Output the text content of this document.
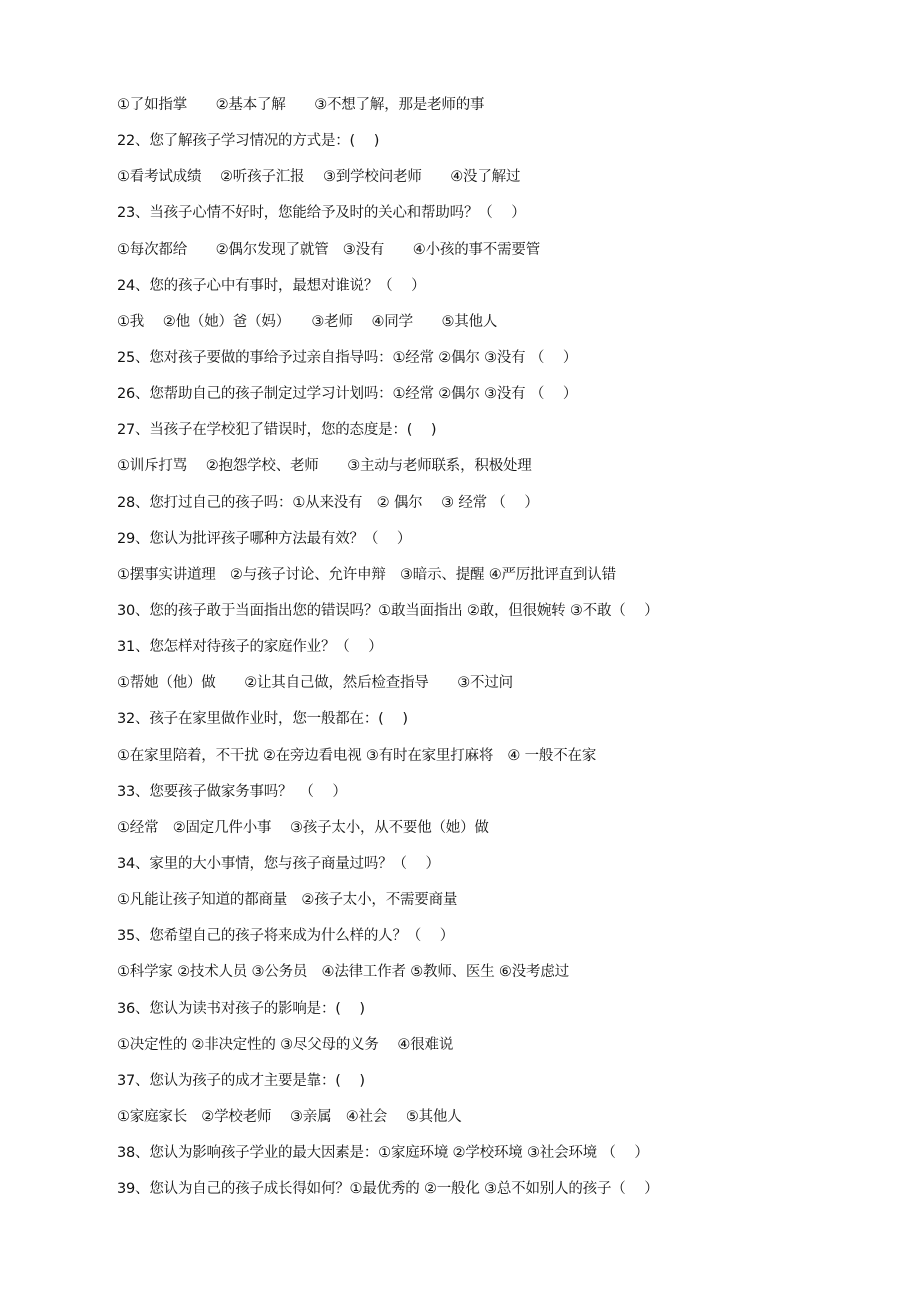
①了如指掌　　②基本了解　　③不想了解，那是老师的事
22、您了解孩子学习情况的方式是：(　 )
①看考试成绩　 ②听孩子汇报　 ③到学校问老师　　④没了解过
23、当孩子心情不好时，您能给予及时的关心和帮助吗？（　 ）
①每次都给　　②偶尔发现了就管　③没有　　④小孩的事不需要管
24、您的孩子心中有事时，最想对谁说？（　 ）
①我　 ②他（她）爸（妈）　　③老师　 ④同学　　⑤其他人
25、您对孩子要做的事给予过亲自指导吗：①经常 ②偶尔 ③没有 （　 ）
26、您帮助自己的孩子制定过学习计划吗：①经常 ②偶尔 ③没有 （　 ）
27、当孩子在学校犯了错误时，您的态度是：(　 )
①训斥打骂　 ②抱怨学校、老师　　③主动与老师联系，积极处理
28、您打过自己的孩子吗：①从来没有　② 偶尔　 ③ 经常 （　 ）
29、您认为批评孩子哪种方法最有效？（　 ）
①摆事实讲道理　②与孩子讨论、允许申辩　③暗示、提醒 ④严厉批评直到认错
30、您的孩子敢于当面指出您的错误吗？①敢当面指出 ②敢，但很婉转 ③不敢（　 ）
31、您怎样对待孩子的家庭作业？（　 ）
①帮她（他）做　　②让其自己做，然后检查指导　　③不过问
32、孩子在家里做作业时，您一般都在：(　 )
①在家里陪着，不干扰 ②在旁边看电视 ③有时在家里打麻将　④ 一般不在家
33、您要孩子做家务事吗？　（　 ）
①经常　②固定几件小事　 ③孩子太小，从不要他（她）做
34、家里的大小事情，您与孩子商量过吗？（　 ）
①凡能让孩子知道的都商量　②孩子太小，不需要商量
35、您希望自己的孩子将来成为什么样的人？（　 ）
①科学家 ②技术人员 ③公务员　④法律工作者 ⑤教师、医生 ⑥没考虑过
36、您认为读书对孩子的影响是：(　 )
①决定性的 ②非决定性的 ③尽父母的义务　 ④很难说
37、您认为孩子的成才主要是靠：(　 )
①家庭家长　②学校老师　 ③亲属　④社会　 ⑤其他人
38、您认为影响孩子学业的最大因素是：①家庭环境 ②学校环境 ③社会环境 （　 ）
39、您认为自己的孩子成长得如何？①最优秀的 ②一般化 ③总不如别人的孩子（　 ）
